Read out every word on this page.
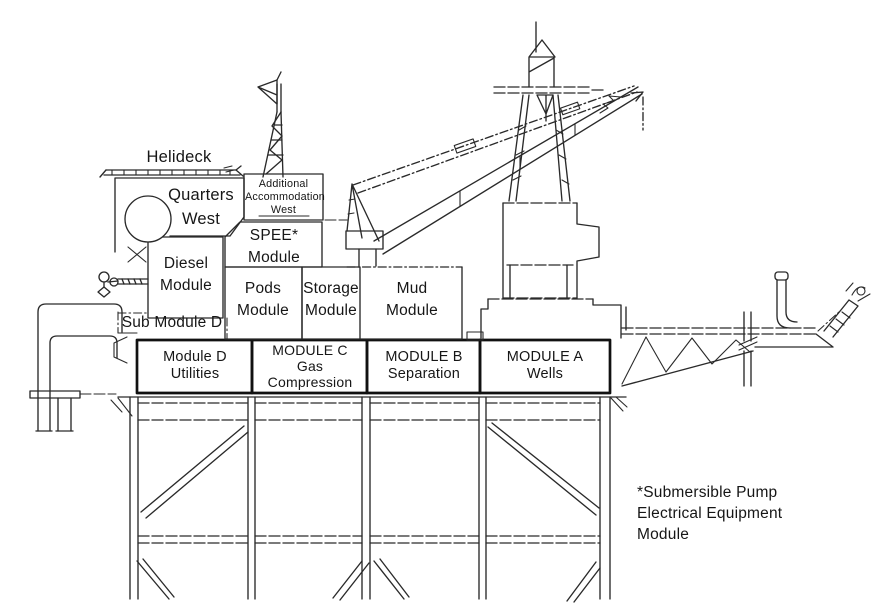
Helideck
Quarters
West
Additional
Accommodation
West
SPEE*
Module
Diesel
Module	Pods
Module
Storage
Module
Mud
Module
Sub Module D
Module D
Utilities
MODULE C
Gas
Compression
MODULE B
Separation
MODULE A
Wells
*Submersible Pump
Electrical Equipment
Module
